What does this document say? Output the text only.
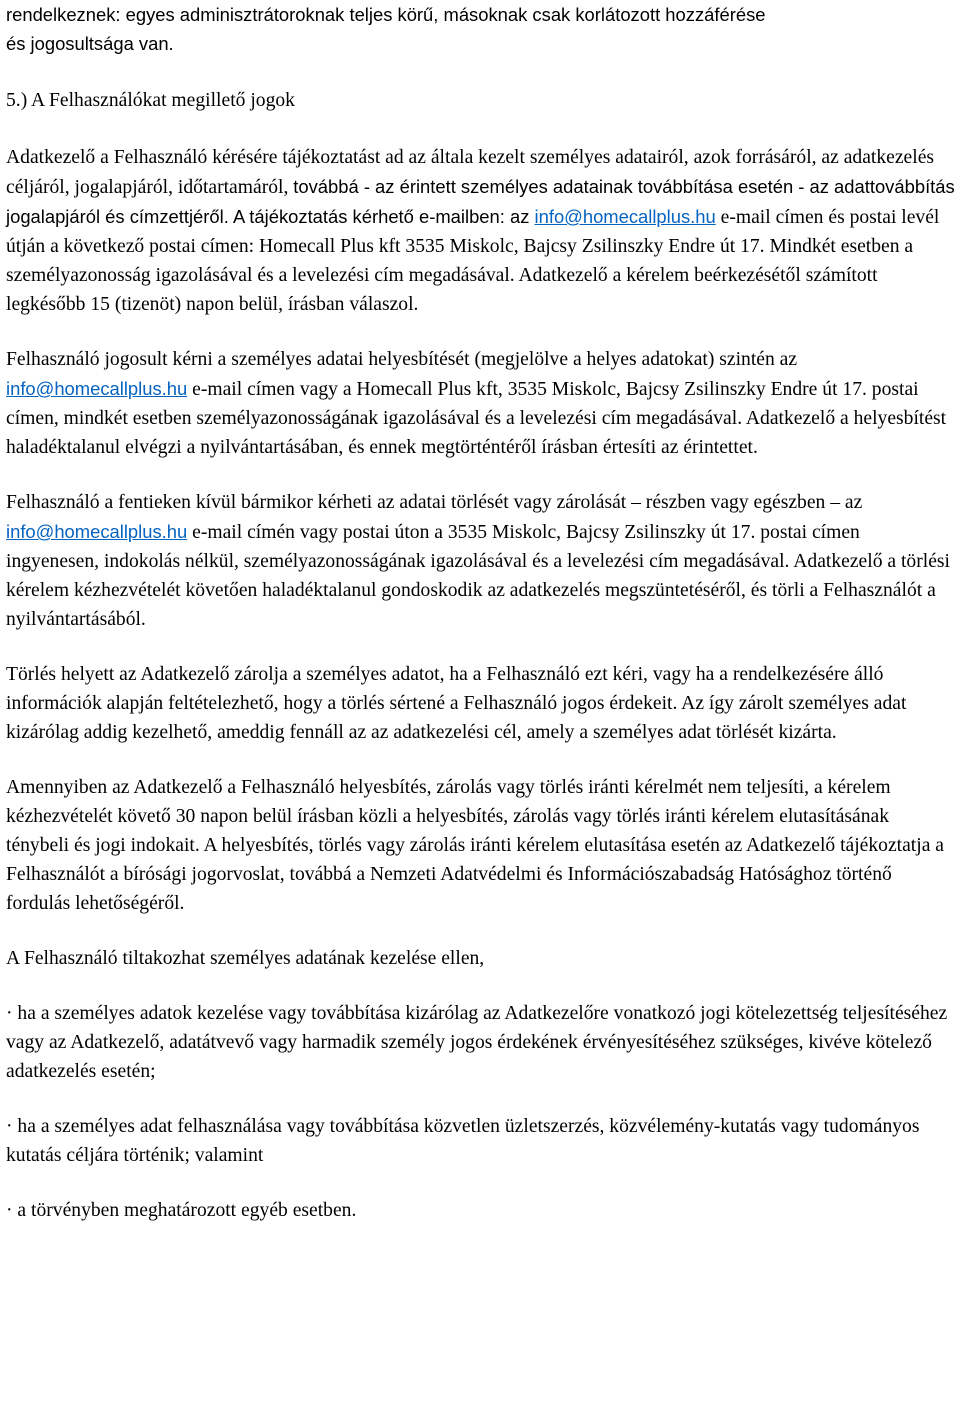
rendelkeznek: egyes adminisztrátoroknak teljes körű, másoknak csak korlátozott hozzáférése
és jogosultsága van.

5.) A Felhasználókat megillető jogok

Adatkezelő a Felhasználó kérésére tájékoztatást ad az általa kezelt személyes adatairól, azok forrásáról, az adatkezelés céljáról, jogalapjáról, időtartamáról, továbbá - az érintett személyes adatainak továbbítása esetén - az adattovábbítás jogalapjáról és címzettjéről. A tájékoztatás kérhető e-mailben: az info@homecallplus.hu e-mail címen és postai levél útján a következő postai címen: Homecall Plus kft 3535 Miskolc, Bajcsy Zsilinszky Endre út 17. Mindkét esetben a személyazonosság igazolásával és a levelezési cím megadásával. Adatkezelő a kérelem beérkezésétől számított legkésőbb 15 (tizenöt) napon belül, írásban válaszol.

Felhasználó jogosult kérni a személyes adatai helyesbítését (megjelölve a helyes adatokat) szintén az info@homecallplus.hu e-mail címen vagy a Homecall Plus kft, 3535 Miskolc, Bajcsy Zsilinszky Endre út 17. postai címen, mindkét esetben személyazonosságának igazolásával és a levelezési cím megadásával. Adatkezelő a helyesbítést haladéktalanul elvégzi a nyilvántartásában, és ennek megtörténtéről írásban értesíti az érintettet.

Felhasználó a fentieken kívül bármikor kérheti az adatai törlését vagy zárolását – részben vagy egészben – az info@homecallplus.hu e-mail címén vagy postai úton a 3535 Miskolc, Bajcsy Zsilinszky út 17. postai címen ingyenesen, indokolás nélkül, személyazonosságának igazolásával és a levelezési cím megadásával. Adatkezelő a törlési kérelem kézhezvételét követően haladéktalanul gondoskodik az adatkezelés megszüntetéséről, és törli a Felhasználót a nyilvántartásából.

Törlés helyett az Adatkezelő zárolja a személyes adatot, ha a Felhasználó ezt kéri, vagy ha a rendelkezésére álló információk alapján feltételezhető, hogy a törlés sértené a Felhasználó jogos érdekeit. Az így zárolt személyes adat kizárólag addig kezelhető, ameddig fennáll az az adatkezelési cél, amely a személyes adat törlését kizárta.

Amennyiben az Adatkezelő a Felhasználó helyesbítés, zárolás vagy törlés iránti kérelmét nem teljesíti, a kérelem kézhezvételét követő 30 napon belül írásban közli a helyesbítés, zárolás vagy törlés iránti kérelem elutasításának ténybeli és jogi indokait. A helyesbítés, törlés vagy zárolás iránti kérelem elutasítása esetén az Adatkezelő tájékoztatja a Felhasználót a bírósági jogorvoslat, továbbá a Nemzeti Adatvédelmi és Információszabadság Hatósághoz történő fordulás lehetőségéről.

A Felhasználó tiltakozhat személyes adatának kezelése ellen,

· ha a személyes adatok kezelése vagy továbbítása kizárólag az Adatkezelőre vonatkozó jogi kötelezettség teljesítéséhez vagy az Adatkezelő, adatátvevő vagy harmadik személy jogos érdekének érvényesítéséhez szükséges, kivéve kötelező adatkezelés esetén;

· ha a személyes adat felhasználása vagy továbbítása közvetlen üzletszerzés, közvélemény-kutatás vagy tudományos kutatás céljára történik; valamint

· a törvényben meghatározott egyéb esetben.
